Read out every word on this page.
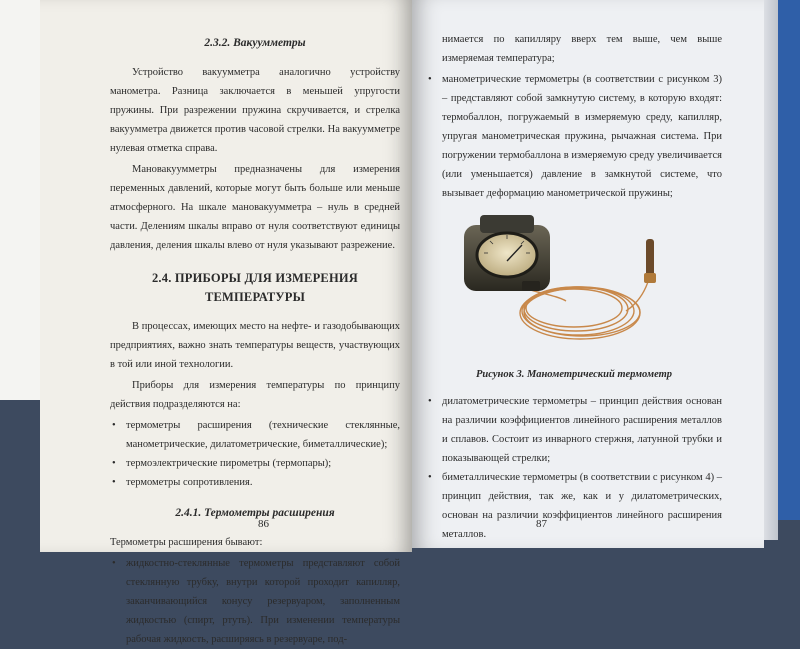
2.3.2. Вакуумметры

Устройство вакуумметра аналогично устройству манометра. Разница заключается в меньшей упругости пружины. При разрежении пружина скручивается, и стрелка вакуумметра движется против часовой стрелки. На вакуумметре нулевая отметка справа.

Мановакуумметры предназначены для измерения переменных давлений, которые могут быть больше или меньше атмосферного. На шкале мановакуумметра – нуль в средней части. Делениям шкалы вправо от нуля соответствуют единицы давления, деления шкалы влево от нуля указывают разрежение.

2.4. ПРИБОРЫ ДЛЯ ИЗМЕРЕНИЯ ТЕМПЕРАТУРЫ

В процессах, имеющих место на нефте- и газодобывающих предприятиях, важно знать температуры веществ, участвующих в той или иной технологии.

Приборы для измерения температуры по принципу действия подразделяются на:

• термометры расширения (технические стеклянные, манометрические, дилатометрические, биметаллические);
• термоэлектрические пирометры (термопары);
• термометры сопротивления.
2.4.1. Термометры расширения

Термометры расширения бывают:

• жидкостно-стеклянные термометры представляют собой стеклянную трубку, внутри которой проходит капилляр, заканчивающийся конусу резервуаром, заполненным жидкостью (спирт, ртуть). При изменении температуры рабочая жидкость, расширяясь в резервуаре, под-
86

нимается по капилляру вверх тем выше, чем выше измеряемая температура;

• манометрические термометры (в соответствии с рисунком 3) – представляют собой замкнутую систему, в которую входят: термобаллон, погружаемый в измеряемую среду, капилляр, упругая манометрическая пружина, рычажная система. При погружении термобаллона в измеряемую среду увеличивается (или уменьшается) давление в замкнутой системе, что вызывает деформацию манометрической пружины;
Рисунок 3. Манометрический термометр
• дилатометрические термометры – принцип действия основан на различии коэффициентов линейного расширения металлов и сплавов. Состоит из инварного стержня, латунной трубки и показывающей стрелки;
• биметаллические термометры (в соответствии с рисунком 4) – принцип действия, так же, как и у дилатометрических, основан на различии коэффициентов линейного расширения металлов.
87
